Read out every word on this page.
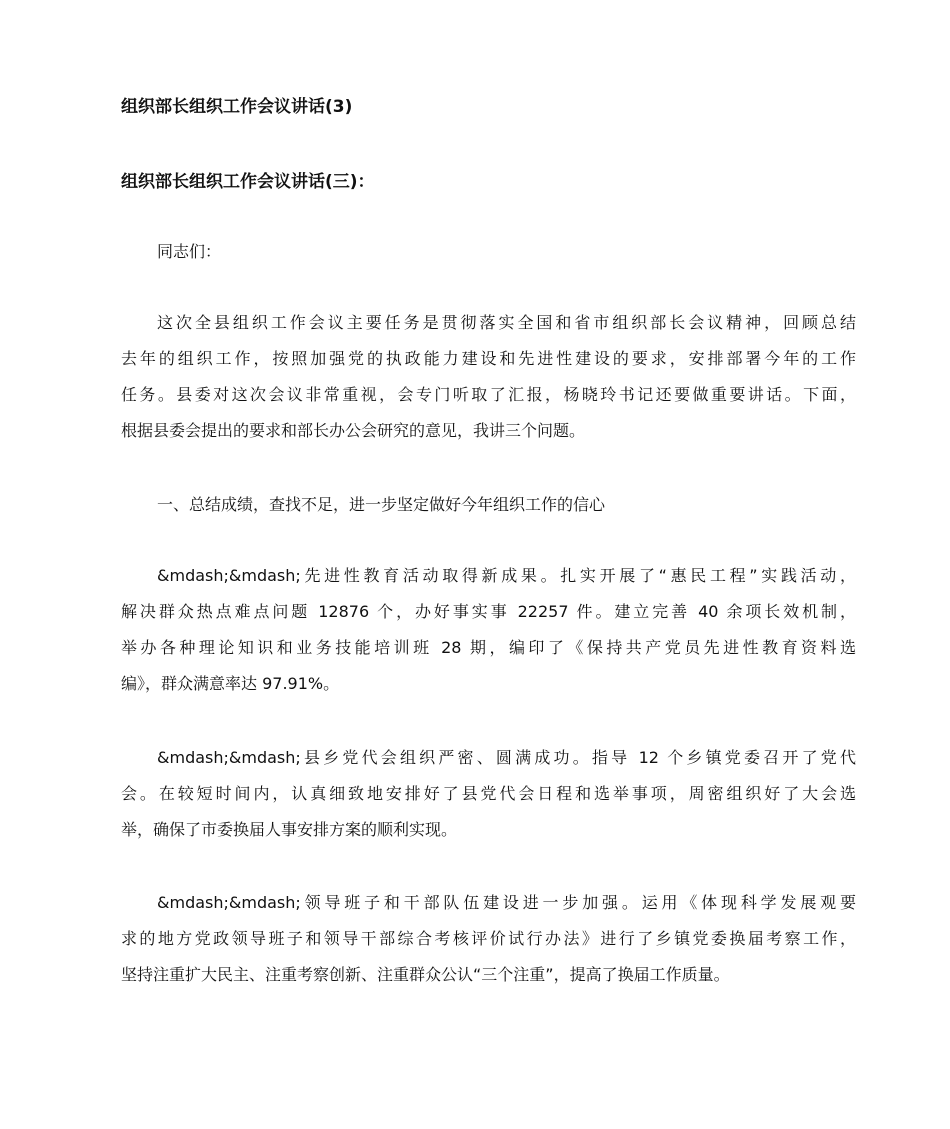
组织部长组织工作会议讲话(3)
组织部长组织工作会议讲话(三)：

同志们：

这次全县组织工作会议主要任务是贯彻落实全国和省市组织部长会议精神，回顾总结
去年的组织工作，按照加强党的执政能力建设和先进性建设的要求，安排部署今年的工作
任务。县委对这次会议非常重视，会专门听取了汇报，杨晓玲书记还要做重要讲话。下面，
根据县委会提出的要求和部长办公会研究的意见，我讲三个问题。
一、总结成绩，查找不足，进一步坚定做好今年组织工作的信心
&mdash;&mdash;先进性教育活动取得新成果。扎实开展了“惠民工程”实践活动，
解决群众热点难点问题 12876 个，办好事实事 22257 件。建立完善 40 余项长效机制，
举办各种理论知识和业务技能培训班 28 期，编印了《保持共产党员先进性教育资料选
编》，群众满意率达 97.91%。
&mdash;&mdash;县乡党代会组织严密、圆满成功。指导 12 个乡镇党委召开了党代
会。在较短时间内，认真细致地安排好了县党代会日程和选举事项，周密组织好了大会选
举，确保了市委换届人事安排方案的顺利实现。
&mdash;&mdash;领导班子和干部队伍建设进一步加强。运用《体现科学发展观要
求的地方党政领导班子和领导干部综合考核评价试行办法》进行了乡镇党委换届考察工作，
坚持注重扩大民主、注重考察创新、注重群众公认“三个注重”，提高了换届工作质量。
